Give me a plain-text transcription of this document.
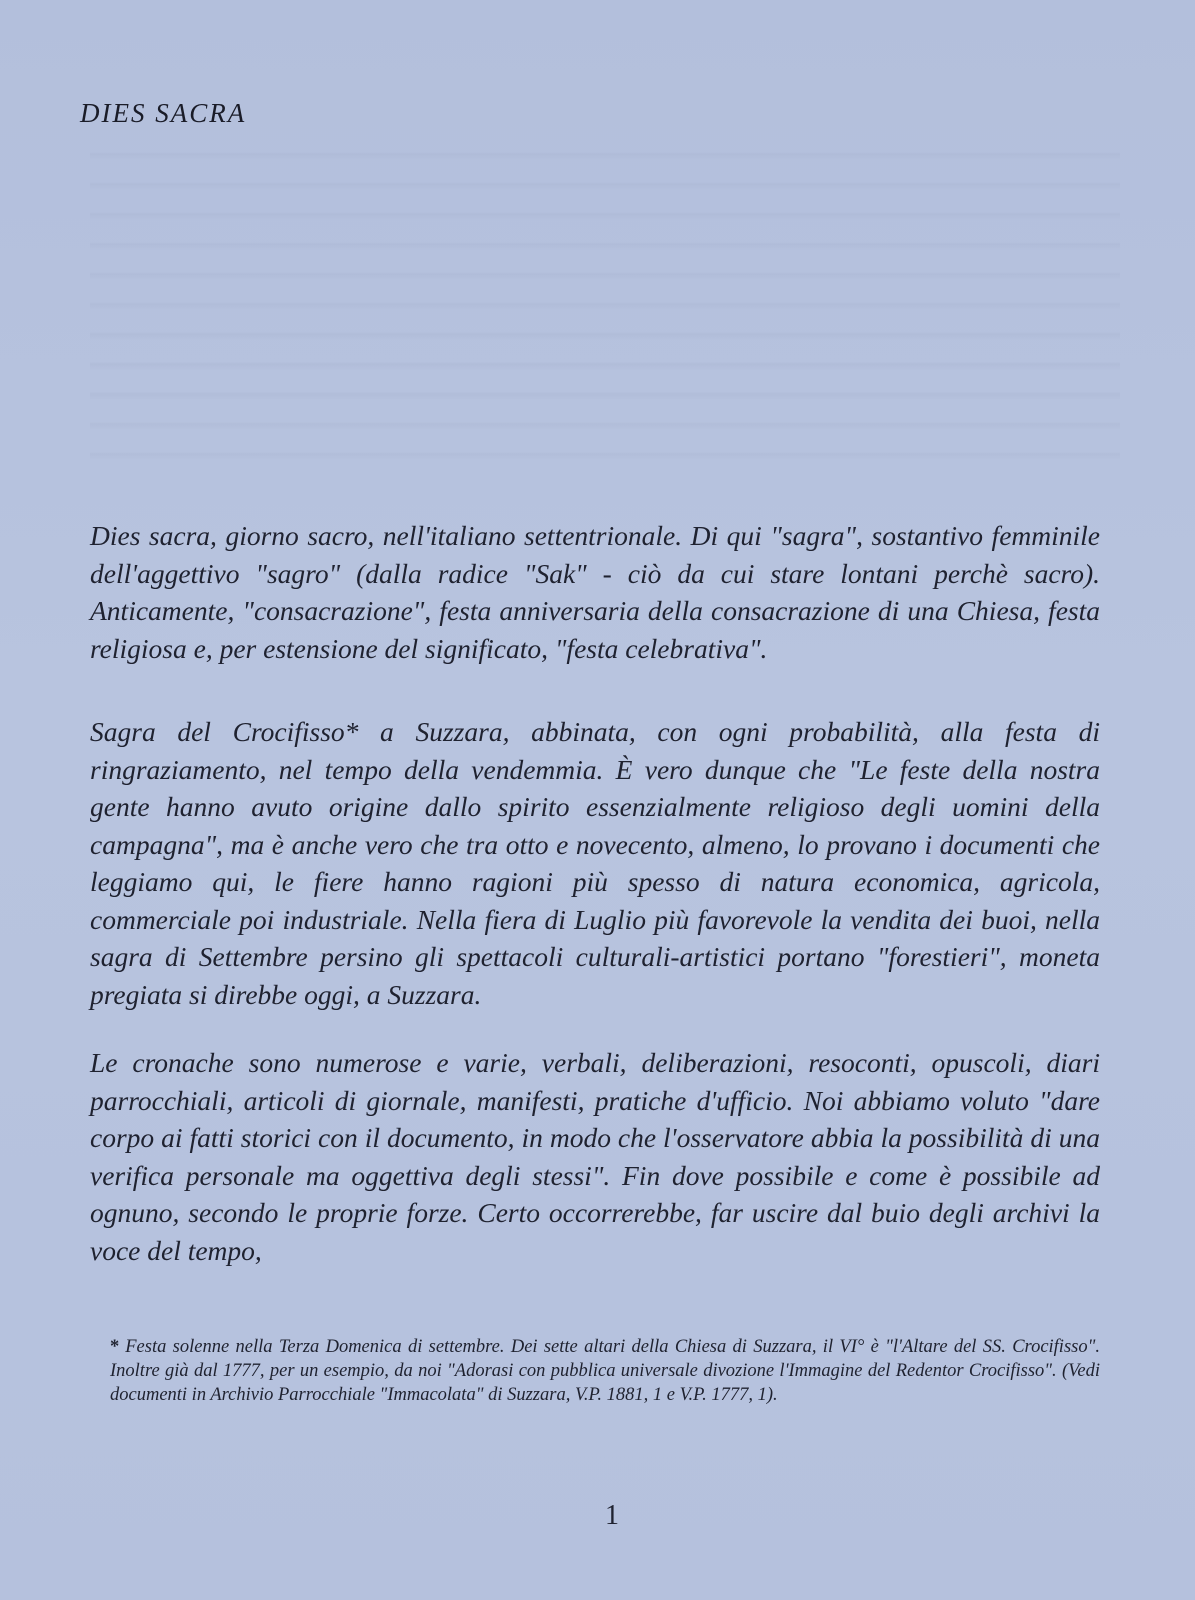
DIES SACRA

Dies sacra, giorno sacro, nell'italiano settentrionale. Di qui "sagra", sostantivo femminile dell'aggettivo "sagro" (dalla radice "Sak" - ciò da cui stare lontani perchè sacro). Anticamente, "consacrazione", festa anniversaria della consacrazione di una Chiesa, festa religiosa e, per estensione del significato, "festa celebrativa".

Sagra del Crocifisso* a Suzzara, abbinata, con ogni probabilità, alla festa di ringraziamento, nel tempo della vendemmia. È vero dunque che "Le feste della nostra gente hanno avuto origine dallo spirito essenzialmente religioso degli uomini della campagna", ma è anche vero che tra otto e novecento, almeno, lo provano i documenti che leggiamo qui, le fiere hanno ragioni più spesso di natura economica, agricola, commerciale poi industriale. Nella fiera di Luglio più favorevole la vendita dei buoi, nella sagra di Settembre persino gli spettacoli culturali-artistici portano "forestieri", moneta pregiata si direbbe oggi, a Suzzara.

Le cronache sono numerose e varie, verbali, deliberazioni, resoconti, opuscoli, diari parrocchiali, articoli di giornale, manifesti, pratiche d'ufficio. Noi abbiamo voluto "dare corpo ai fatti storici con il documento, in modo che l'osservatore abbia la possibilità di una verifica personale ma oggettiva degli stessi". Fin dove possibile e come è possibile ad ognuno, secondo le proprie forze. Certo occorrerebbe, far uscire dal buio degli archivi la voce del tempo,

* Festa solenne nella Terza Domenica di settembre. Dei sette altari della Chiesa di Suzzara, il VI° è "l'Altare del SS. Crocifisso". Inoltre già dal 1777, per un esempio, da noi "Adorasi con pubblica universale divozione l'Immagine del Redentor Crocifisso". (Vedi documenti in Archivio Parrocchiale "Immacolata" di Suzzara, V.P. 1881, 1 e V.P. 1777, 1).

1
